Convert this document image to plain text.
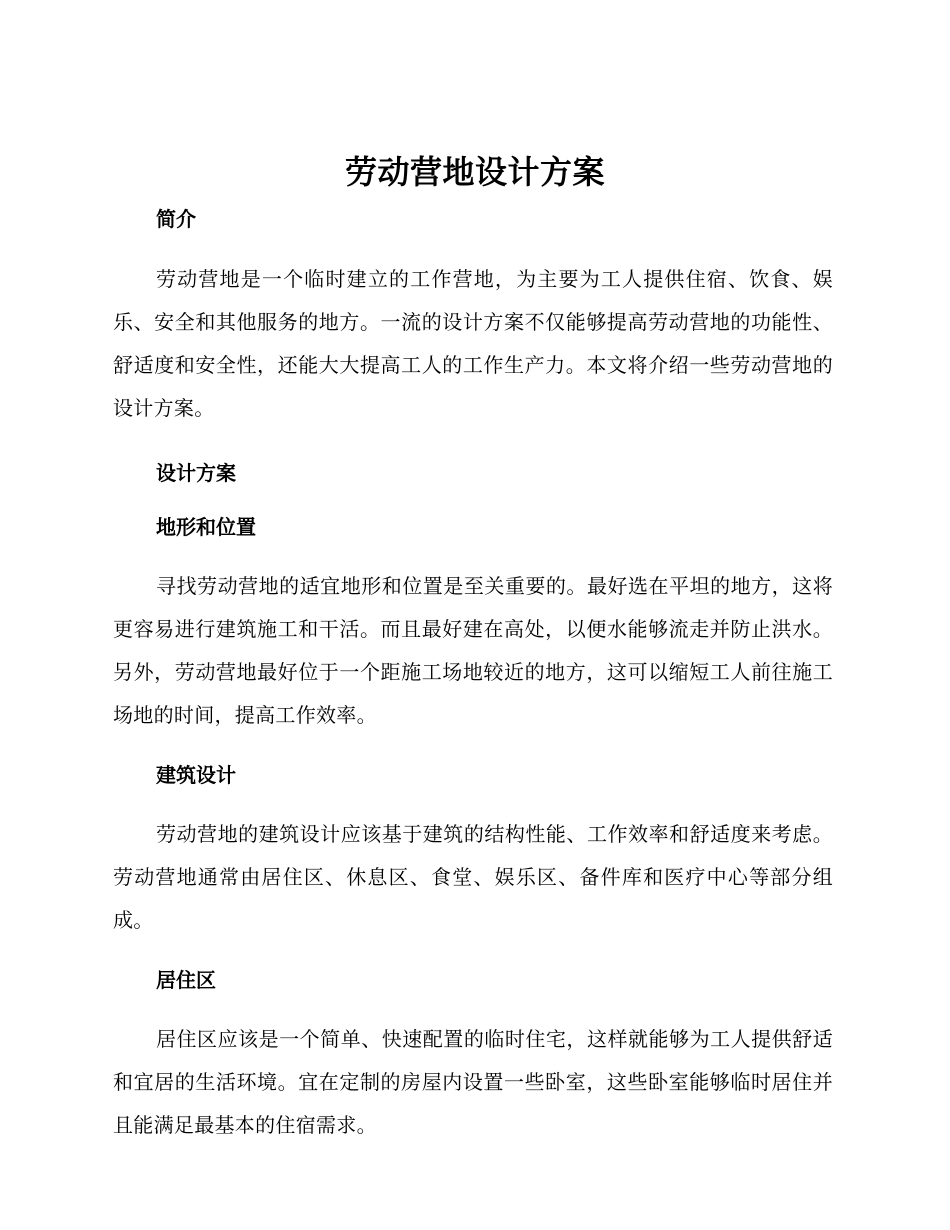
劳动营地设计方案

简介

劳动营地是一个临时建立的工作营地，为主要为工人提供住宿、饮食、娱乐、安全和其他服务的地方。一流的设计方案不仅能够提高劳动营地的功能性、舒适度和安全性，还能大大提高工人的工作生产力。本文将介绍一些劳动营地的设计方案。

设计方案

地形和位置

寻找劳动营地的适宜地形和位置是至关重要的。最好选在平坦的地方，这将更容易进行建筑施工和干活。而且最好建在高处，以便水能够流走并防止洪水。另外，劳动营地最好位于一个距施工场地较近的地方，这可以缩短工人前往施工场地的时间，提高工作效率。

建筑设计

劳动营地的建筑设计应该基于建筑的结构性能、工作效率和舒适度来考虑。劳动营地通常由居住区、休息区、食堂、娱乐区、备件库和医疗中心等部分组成。

居住区

居住区应该是一个简单、快速配置的临时住宅，这样就能够为工人提供舒适和宜居的生活环境。宜在定制的房屋内设置一些卧室，这些卧室能够临时居住并且能满足最基本的住宿需求。
